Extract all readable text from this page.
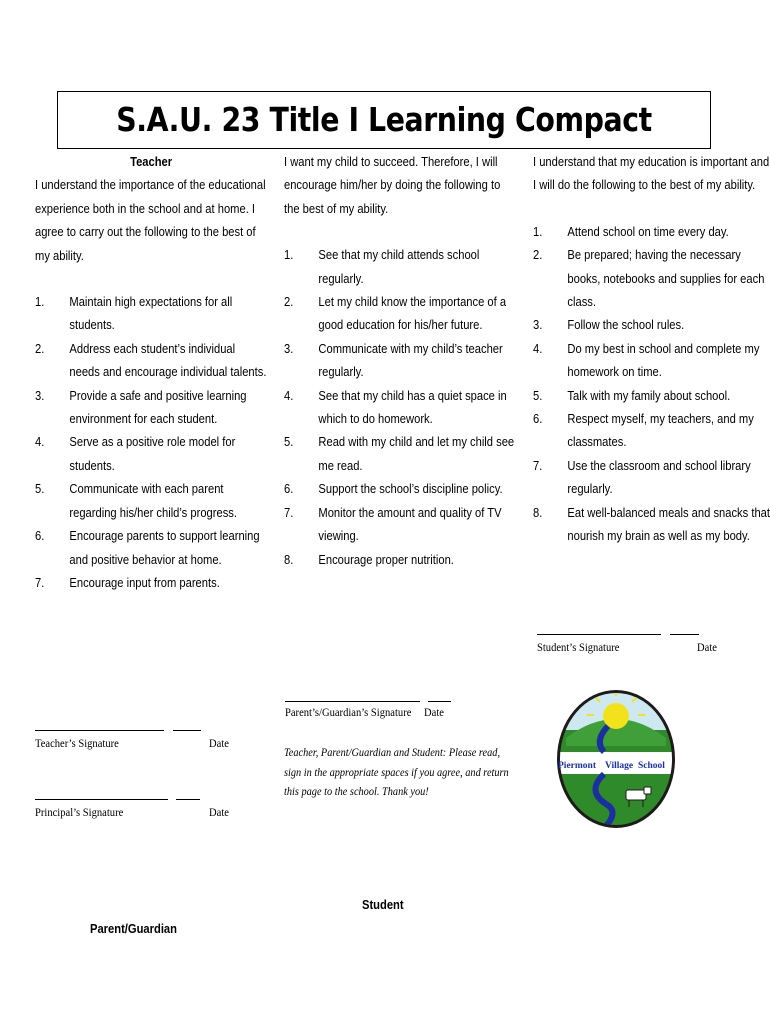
S.A.U. 23 Title I Learning Compact
Teacher
I understand the importance of the educational experience both in the school and at home. I agree to carry out the following to the best of my ability.
1. Maintain high expectations for all students.
2. Address each student’s individual needs and encourage individual talents.
3. Provide a safe and positive learning environment for each student.
4. Serve as a positive role model for students.
5. Communicate with each parent regarding his/her child’s progress.
6. Encourage parents to support learning and positive behavior at home.
7. Encourage input from parents.
I want my child to succeed. Therefore, I will encourage him/her by doing the following to the best of my ability.
1. See that my child attends school regularly.
2. Let my child know the importance of a good education for his/her future.
3. Communicate with my child’s teacher regularly.
4. See that my child has a quiet space in which to do homework.
5. Read with my child and let my child see me read.
6. Support the school’s discipline policy.
7. Monitor the amount and quality of TV viewing.
8. Encourage proper nutrition.
I understand that my education is important and I will do the following to the best of my ability.
1. Attend school on time every day.
2. Be prepared; having the necessary books, notebooks and supplies for each class.
3. Follow the school rules.
4. Do my best in school and complete my homework on time.
5. Talk with my family about school.
6. Respect myself, my teachers, and my classmates.
7. Use the classroom and school library regularly.
8. Eat well-balanced meals and snacks that nourish my brain as well as my body.
Student’s Signature	Date
Parent’s/Guardian’s Signature Date
Teacher’s Signature	Date
Principal’s Signature	Date
Teacher, Parent/Guardian and Student: Please read, sign in the appropriate spaces if you agree, and return this page to the school. Thank you!
Piermont Village School
Student
Parent/Guardian
